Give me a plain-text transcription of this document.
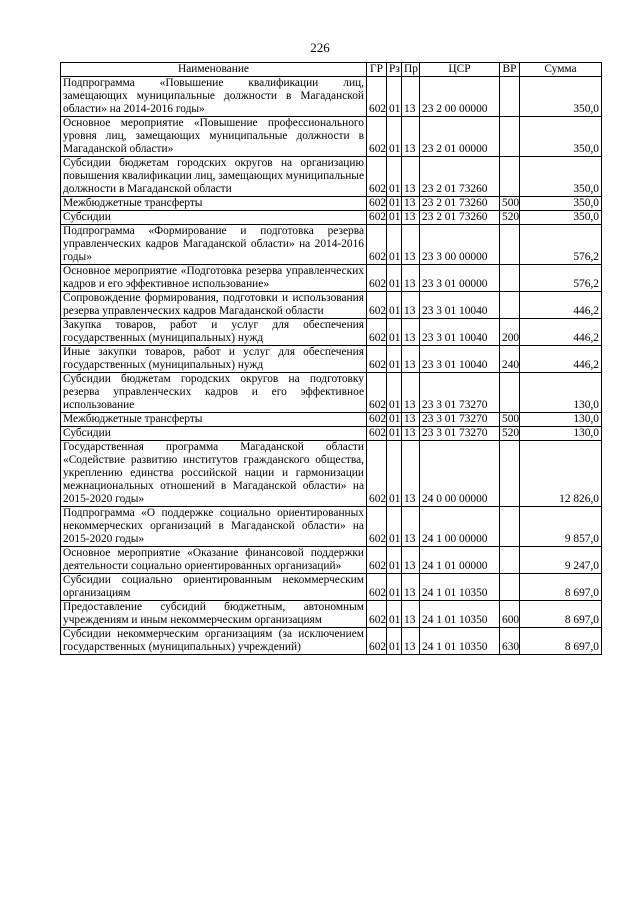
226
Наименование	ГР	Рз	Пр	ЦСР	ВР	Сумма
Подпрограмма «Повышение квалификации лиц, замещающих муниципальные должности в Магаданской области» на 2014-2016 годы»	602	01	13	23 2 00 00000		350,0
Основное мероприятие «Повышение профессионального уровня лиц, замещающих муниципальные должности в Магаданской области»	602	01	13	23 2 01 00000		350,0
Субсидии бюджетам городских округов на организацию повышения квалификации лиц, замещающих муниципальные должности в Магаданской области	602	01	13	23 2 01 73260		350,0
Межбюджетные трансферты	602	01	13	23 2 01 73260	500	350,0
Субсидии	602	01	13	23 2 01 73260	520	350,0
Подпрограмма «Формирование и подготовка резерва управленческих кадров Магаданской области» на 2014-2016 годы»	602	01	13	23 3 00 00000		576,2
Основное мероприятие «Подготовка резерва управленческих кадров и его эффективное использование»	602	01	13	23 3 01 00000		576,2
Сопровождение формирования, подготовки и использования резерва управленческих кадров Магаданской области	602	01	13	23 3 01 10040		446,2
Закупка товаров, работ и услуг для обеспечения государственных (муниципальных) нужд	602	01	13	23 3 01 10040	200	446,2
Иные закупки товаров, работ и услуг для обеспечения государственных (муниципальных) нужд	602	01	13	23 3 01 10040	240	446,2
Субсидии бюджетам городских округов на подготовку резерва управленческих кадров и его эффективное использование	602	01	13	23 3 01 73270		130,0
Межбюджетные трансферты	602	01	13	23 3 01 73270	500	130,0
Субсидии	602	01	13	23 3 01 73270	520	130,0
Государственная программа Магаданской области «Содействие развитию институтов гражданского общества, укреплению единства российской нации и гармонизации межнациональных отношений в Магаданской области» на 2015-2020 годы»	602	01	13	24 0 00 00000		12 826,0
Подпрограмма «О поддержке социально ориентированных некоммерческих организаций в Магаданской области» на 2015-2020 годы»	602	01	13	24 1 00 00000		9 857,0
Основное мероприятие «Оказание финансовой поддержки деятельности социально ориентированных организаций»	602	01	13	24 1 01 00000		9 247,0
Субсидии социально ориентированным некоммерческим организациям	602	01	13	24 1 01 10350		8 697,0
Предоставление субсидий бюджетным, автономным учреждениям и иным некоммерческим организациям	602	01	13	24 1 01 10350	600	8 697,0
Субсидии некоммерческим организациям (за исключением государственных (муниципальных) учреждений)	602	01	13	24 1 01 10350	630	8 697,0
